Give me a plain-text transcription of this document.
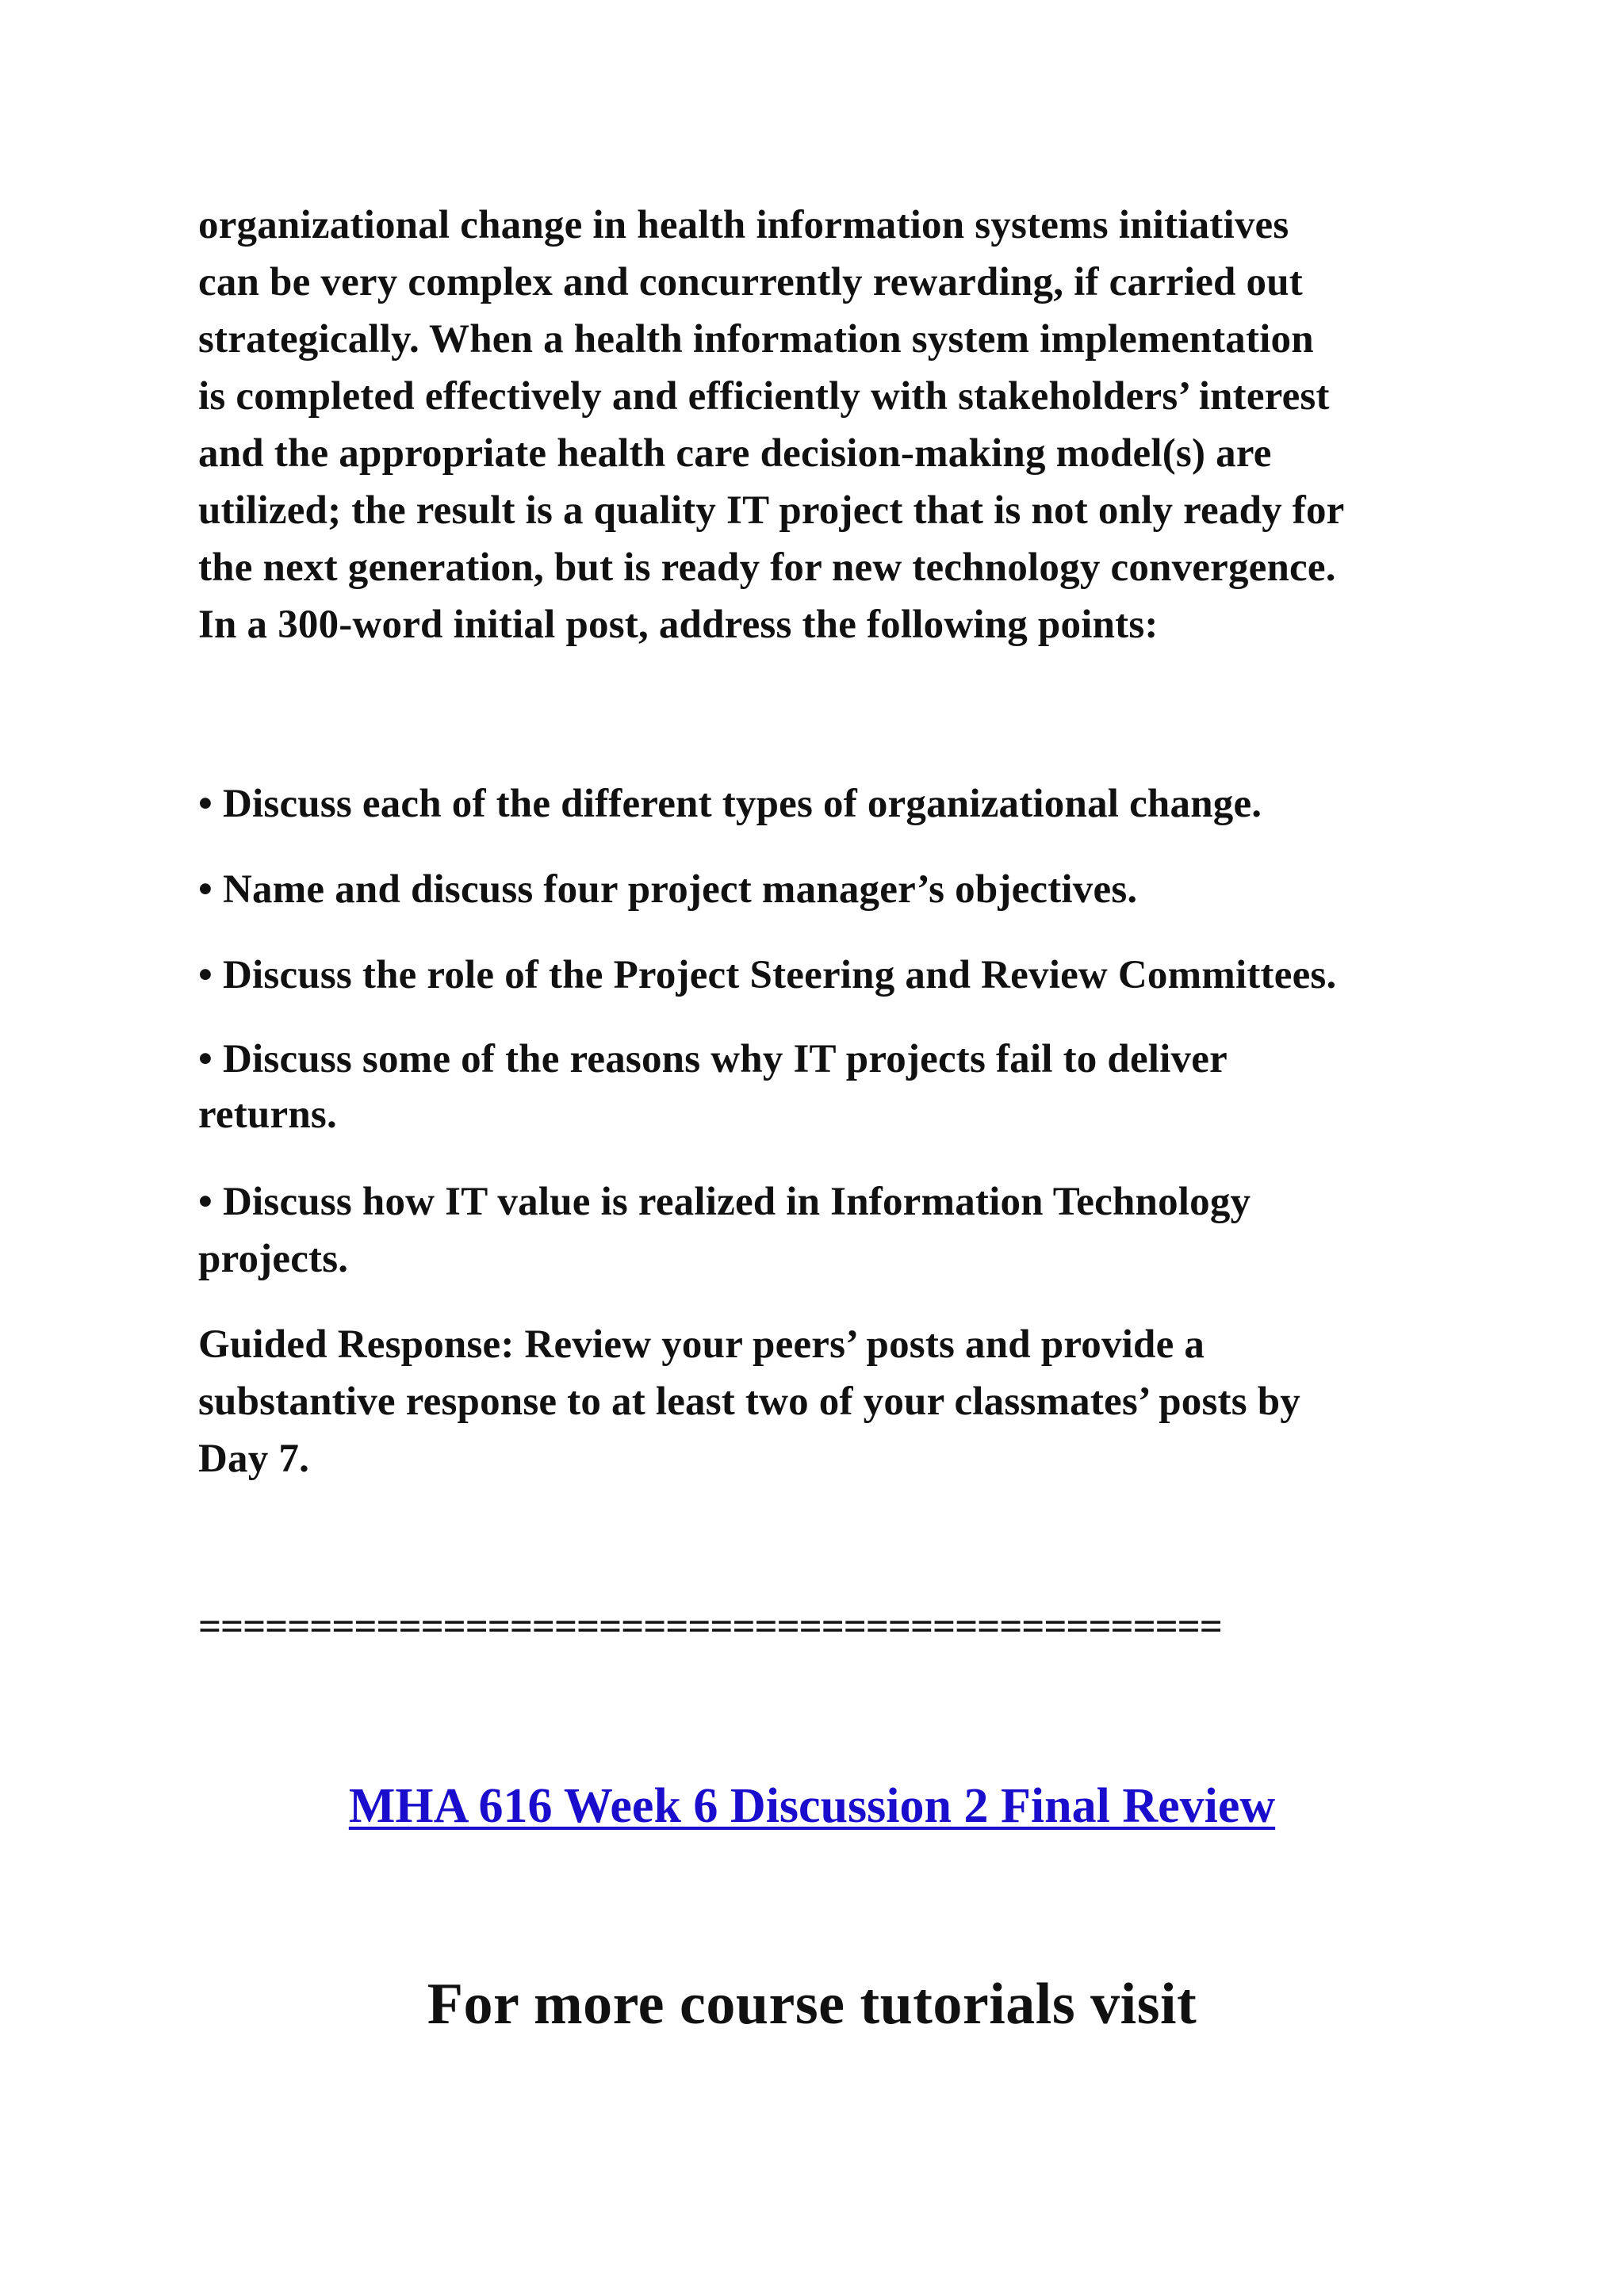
organizational change in health information systems initiatives
can be very complex and concurrently rewarding, if carried out
strategically. When a health information system implementation
is completed effectively and efficiently with stakeholders’ interest
and the appropriate health care decision-making model(s) are
utilized; the result is a quality IT project that is not only ready for
the next generation, but is ready for new technology convergence.
In a 300-word initial post, address the following points:
• Discuss each of the different types of organizational change.
• Name and discuss four project manager’s objectives.
• Discuss the role of the Project Steering and Review Committees.
• Discuss some of the reasons why IT projects fail to deliver
returns.
• Discuss how IT value is realized in Information Technology
projects.
Guided Response: Review your peers’ posts and provide a
substantive response to at least two of your classmates’ posts by
Day 7.
==============================================
MHA 616 Week 6 Discussion 2 Final Review
For more course tutorials visit
